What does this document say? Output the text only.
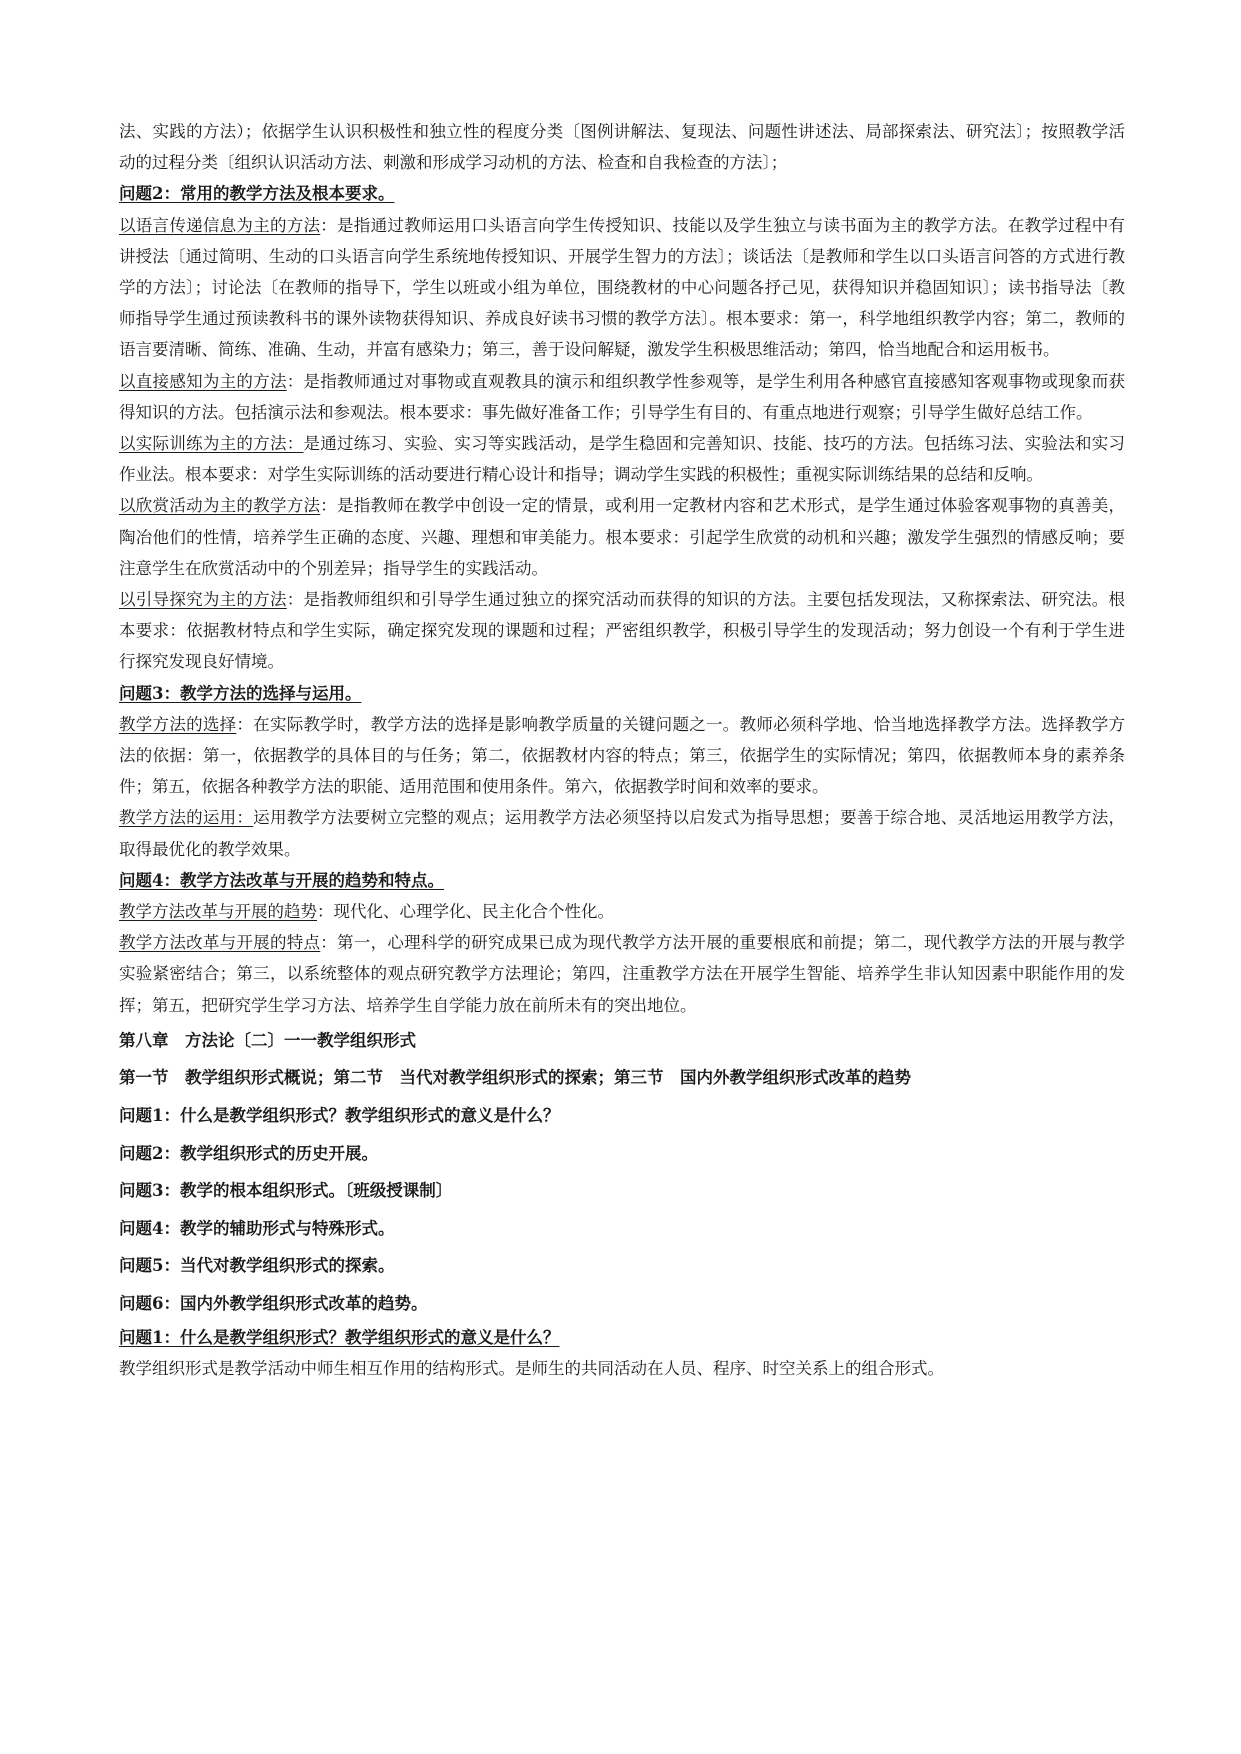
法、实践的方法）；依据学生认识积极性和独立性的程度分类〔图例讲解法、复现法、问题性讲述法、局部探索法、研究法〕；按照教学活动的过程分类〔组织认识活动方法、刺激和形成学习动机的方法、检查和自我检查的方法〕；

问题2：常用的教学方法及根本要求。

以语言传递信息为主的方法：是指通过教师运用口头语言向学生传授知识、技能以及学生独立与读书面为主的教学方法。在教学过程中有讲授法〔通过简明、生动的口头语言向学生系统地传授知识、开展学生智力的方法〕；谈话法〔是教师和学生以口头语言问答的方式进行教学的方法〕；讨论法〔在教师的指导下，学生以班或小组为单位，围绕教材的中心问题各抒己见，获得知识并稳固知识〕；读书指导法〔教师指导学生通过预读教科书的课外读物获得知识、养成良好读书习惯的教学方法〕。根本要求：第一，科学地组织教学内容；第二，教师的语言要清晰、简练、准确、生动，并富有感染力；第三，善于设问解疑，激发学生积极思维活动；第四，恰当地配合和运用板书。

以直接感知为主的方法：是指教师通过对事物或直观教具的演示和组织教学性参观等，是学生利用各种感官直接感知客观事物或现象而获得知识的方法。包括演示法和参观法。根本要求：事先做好准备工作；引导学生有目的、有重点地进行观察；引导学生做好总结工作。

以实际训练为主的方法：是通过练习、实验、实习等实践活动，是学生稳固和完善知识、技能、技巧的方法。包括练习法、实验法和实习作业法。根本要求：对学生实际训练的活动要进行精心设计和指导；调动学生实践的积极性；重视实际训练结果的总结和反响。

以欣赏活动为主的教学方法：是指教师在教学中创设一定的情景，或利用一定教材内容和艺术形式，是学生通过体验客观事物的真善美，陶冶他们的性情，培养学生正确的态度、兴趣、理想和审美能力。根本要求：引起学生欣赏的动机和兴趣；激发学生强烈的情感反响；要注意学生在欣赏活动中的个别差异；指导学生的实践活动。

以引导探究为主的方法：是指教师组织和引导学生通过独立的探究活动而获得的知识的方法。主要包括发现法，又称探索法、研究法。根本要求：依据教材特点和学生实际，确定探究发现的课题和过程；严密组织教学，积极引导学生的发现活动；努力创设一个有利于学生进行探究发现良好情境。

问题3：教学方法的选择与运用。

教学方法的选择：在实际教学时，教学方法的选择是影响教学质量的关键问题之一。教师必须科学地、恰当地选择教学方法。选择教学方法的依据：第一，依据教学的具体目的与任务；第二，依据教材内容的特点；第三，依据学生的实际情况；第四，依据教师本身的素养条件；第五，依据各种教学方法的职能、适用范围和使用条件。第六，依据教学时间和效率的要求。

教学方法的运用：运用教学方法要树立完整的观点；运用教学方法必须坚持以启发式为指导思想；要善于综合地、灵活地运用教学方法，取得最优化的教学效果。

问题4：教学方法改革与开展的趋势和特点。

教学方法改革与开展的趋势：现代化、心理学化、民主化合个性化。

教学方法改革与开展的特点：第一，心理科学的研究成果已成为现代教学方法开展的重要根底和前提；第二，现代教学方法的开展与教学实验紧密结合；第三，以系统整体的观点研究教学方法理论；第四，注重教学方法在开展学生智能、培养学生非认知因素中职能作用的发挥；第五，把研究学生学习方法、培养学生自学能力放在前所未有的突出地位。

第八章　方法论〔二〕一一教学组织形式

第一节　教学组织形式概说；第二节　当代对教学组织形式的探索；第三节　国内外教学组织形式改革的趋势

问题1：什么是教学组织形式？教学组织形式的意义是什么？

问题2：教学组织形式的历史开展。

问题3：教学的根本组织形式。〔班级授课制〕

问题4：教学的辅助形式与特殊形式。

问题5：当代对教学组织形式的探索。

问题6：国内外教学组织形式改革的趋势。

问题1：什么是教学组织形式？教学组织形式的意义是什么？

教学组织形式是教学活动中师生相互作用的结构形式。是师生的共同活动在人员、程序、时空关系上的组合形式。
